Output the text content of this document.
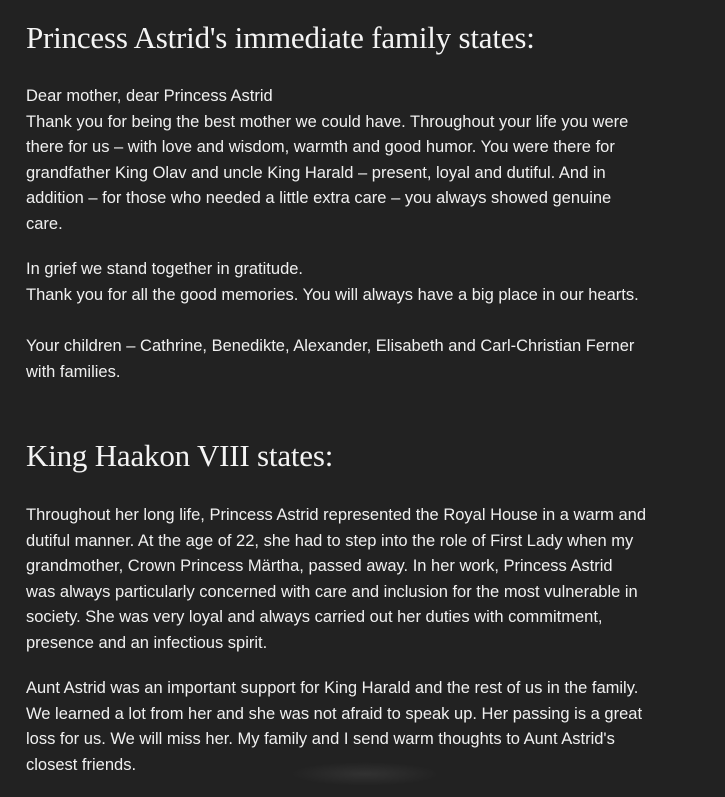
Princess Astrid's immediate family states:

Dear mother, dear Princess Astrid
Thank you for being the best mother we could have. Throughout your life you were
there for us – with love and wisdom, warmth and good humor. You were there for
grandfather King Olav and uncle King Harald – present, loyal and dutiful. And in
addition – for those who needed a little extra care – you always showed genuine
care.

In grief we stand together in gratitude.
Thank you for all the good memories. You will always have a big place in our hearts.

Your children – Cathrine, Benedikte, Alexander, Elisabeth and Carl-Christian Ferner
with families.

King Haakon VIII states:

Throughout her long life, Princess Astrid represented the Royal House in a warm and
dutiful manner. At the age of 22, she had to step into the role of First Lady when my
grandmother, Crown Princess Märtha, passed away. In her work, Princess Astrid
was always particularly concerned with care and inclusion for the most vulnerable in
society. She was very loyal and always carried out her duties with commitment,
presence and an infectious spirit.

Aunt Astrid was an important support for King Harald and the rest of us in the family.
We learned a lot from her and she was not afraid to speak up. Her passing is a great
loss for us. We will miss her. My family and I send warm thoughts to Aunt Astrid's
closest friends.
